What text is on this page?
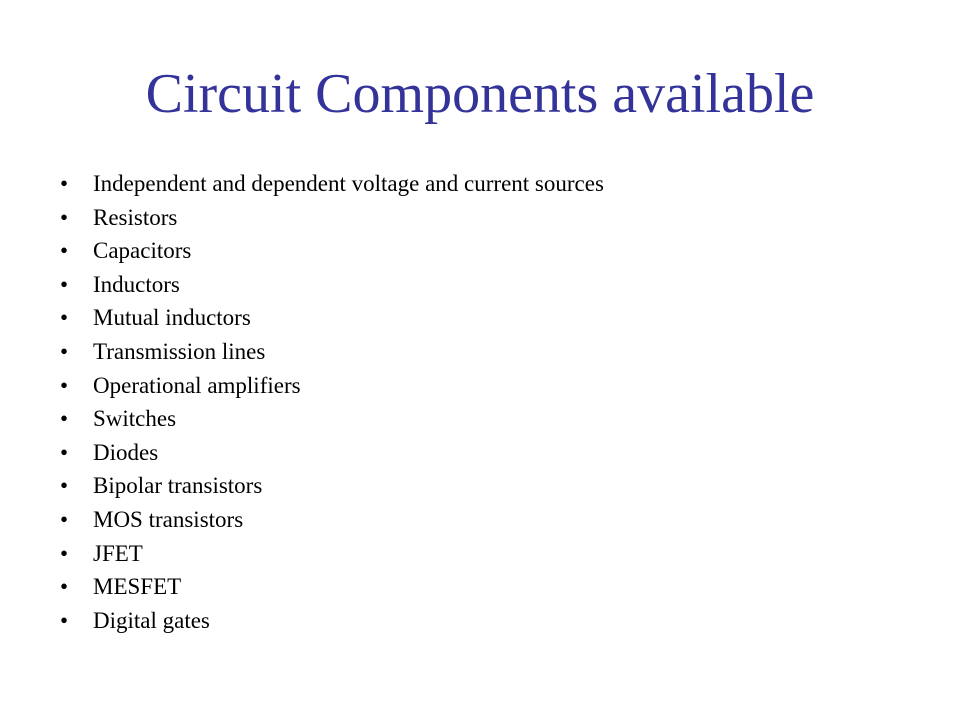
Circuit Components available
• Independent and dependent voltage and current sources
• Resistors
• Capacitors
• Inductors
• Mutual inductors
• Transmission lines
• Operational amplifiers
• Switches
• Diodes
• Bipolar transistors
• MOS transistors
• JFET
• MESFET
• Digital gates
